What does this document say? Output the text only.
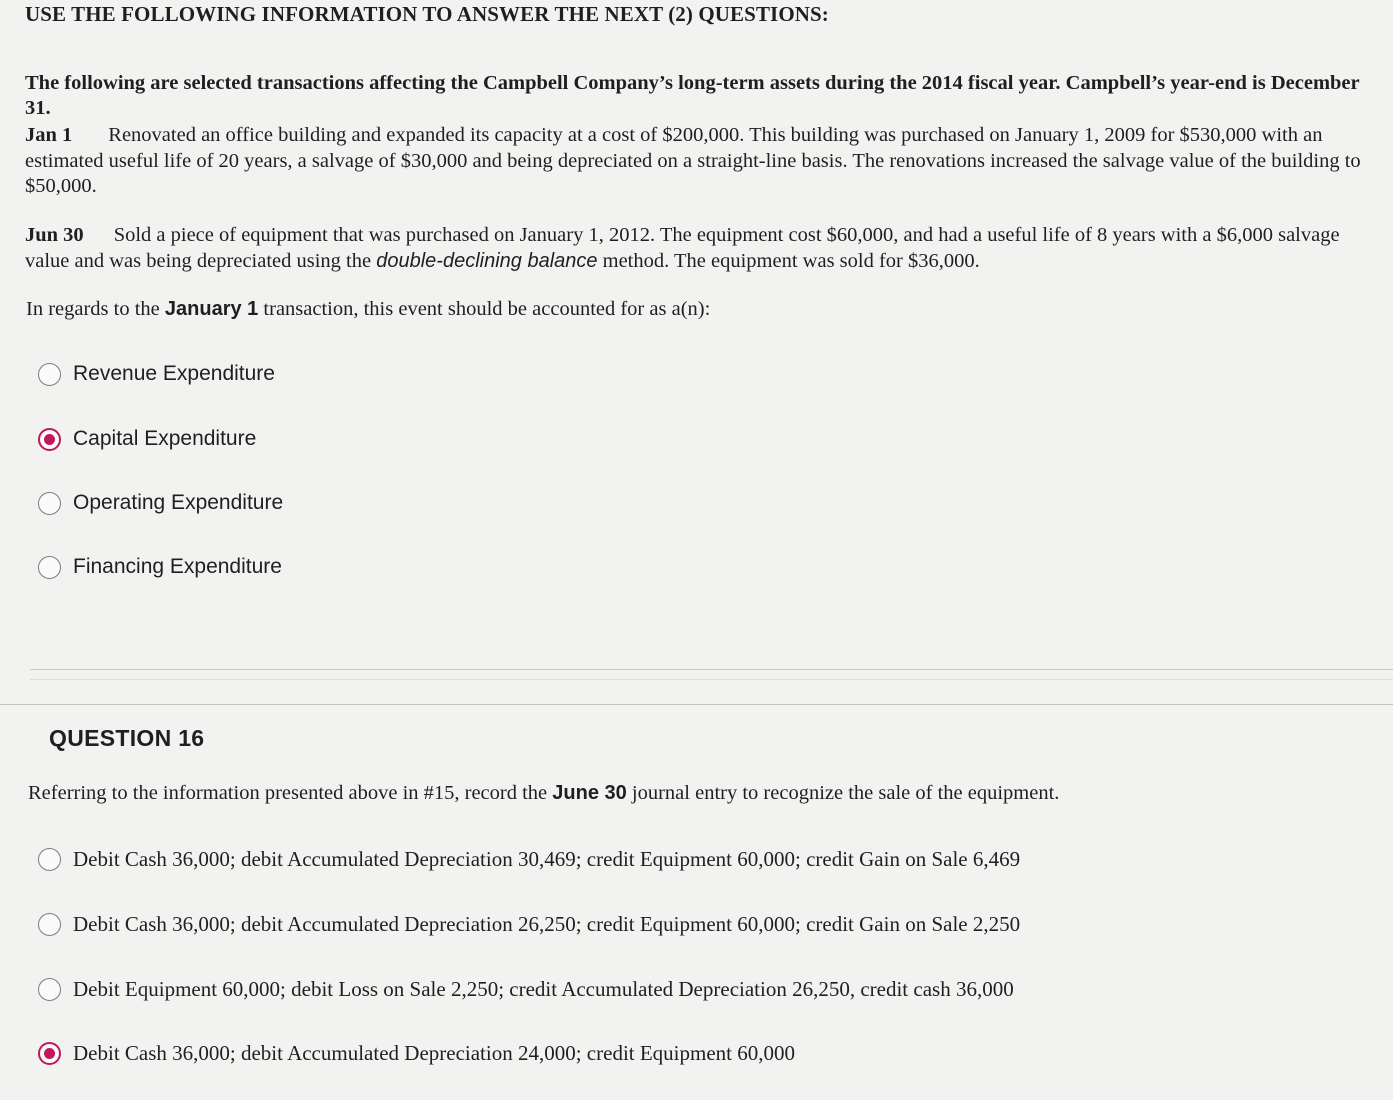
USE THE FOLLOWING INFORMATION TO ANSWER THE NEXT (2) QUESTIONS:
The following are selected transactions affecting the Campbell Company’s long-term assets during the 2014 fiscal year. Campbell’s year-end is December 31.
Jan 1 Renovated an office building and expanded its capacity at a cost of $200,000. This building was purchased on January 1, 2009 for $530,000 with an estimated useful life of 20 years, a salvage of $30,000 and being depreciated on a straight-line basis. The renovations increased the salvage value of the building to $50,000.
Jun 30 Sold a piece of equipment that was purchased on January 1, 2012. The equipment cost $60,000, and had a useful life of 8 years with a $6,000 salvage value and was being depreciated using the double-declining balance method. The equipment was sold for $36,000.
In regards to the January 1 transaction, this event should be accounted for as a(n):
Revenue Expenditure
Capital Expenditure
Operating Expenditure
Financing Expenditure
QUESTION 16
Referring to the information presented above in #15, record the June 30 journal entry to recognize the sale of the equipment.
Debit Cash 36,000; debit Accumulated Depreciation 30,469; credit Equipment 60,000; credit Gain on Sale 6,469
Debit Cash 36,000; debit Accumulated Depreciation 26,250; credit Equipment 60,000; credit Gain on Sale 2,250
Debit Equipment 60,000; debit Loss on Sale 2,250; credit Accumulated Depreciation 26,250, credit cash 36,000
Debit Cash 36,000; debit Accumulated Depreciation 24,000; credit Equipment 60,000
